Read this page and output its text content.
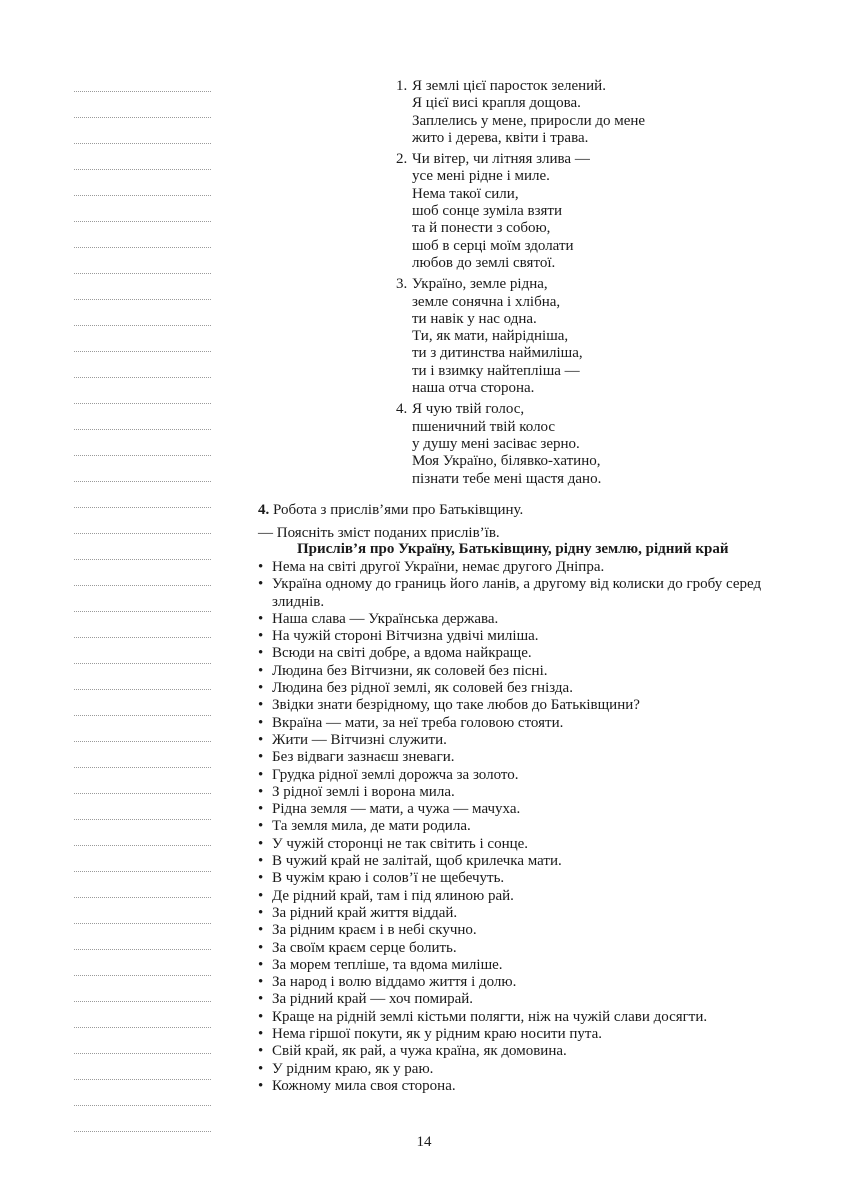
1. Я землі цієї паросток зелений.
Я цієї висі крапля дощова.
Заплелись у мене, приросли до мене
жито і дерева, квіти і трава.
2. Чи вітер, чи літняя злива —
усе мені рідне і миле.
Нема такої сили,
шоб сонце зуміла взяти
та й понести з собою,
шоб в серці моїм здолати
любов до землі святої.
3. Україно, земле рідна,
земле сонячна і хлібна,
ти навік у нас одна.
Ти, як мати, найрідніша,
ти з дитинства наймиліша,
ти і взимку найтепліша —
наша отча сторона.
4. Я чую твій голос,
пшеничний твій колос
у душу мені засіває зерно.
Моя Україно, білявко-хатино,
пізнати тебе мені щастя дано.
4. Робота з прислів’ями про Батьківщину.
— Поясніть зміст поданих прислів’їв.
Прислів’я про Україну, Батьківщину, рідну землю, рідний край
• Нема на світі другої України, немає другого Дніпра.
• Україна одному до границь його ланів, а другому від колиски до гробу серед злиднів.
• Наша слава — Українська держава.
• На чужій стороні Вітчизна удвічі миліша.
• Всюди на світі добре, а вдома найкраще.
• Людина без Вітчизни, як соловей без пісні.
• Людина без рідної землі, як соловей без гнізда.
• Звідки знати безрідному, що таке любов до Батьківщини?
• Вкраїна — мати, за неї треба головою стояти.
• Жити — Вітчизні служити.
• Без відваги зазнаєш зневаги.
• Грудка рідної землі дорожча за золото.
• З рідної землі і ворона мила.
• Рідна земля — мати, а чужа — мачуха.
• Та земля мила, де мати родила.
• У чужій сторонці не так світить і сонце.
• В чужий край не залітай, щоб крилечка мати.
• В чужім краю і солов’ї не щебечуть.
• Де рідний край, там і під ялиною рай.
• За рідний край життя віддай.
• За рідним краєм і в небі скучно.
• За своїм краєм серце болить.
• За морем тепліше, та вдома миліше.
• За народ і волю віддамо життя і долю.
• За рідний край — хоч помирай.
• Краще на рідній землі кістьми полягти, ніж на чужій слави досягти.
• Нема гіршої покути, як у рідним краю носити пута.
• Свій край, як рай, а чужа країна, як домовина.
• У рідним краю, як у раю.
• Кожному мила своя сторона.
14
